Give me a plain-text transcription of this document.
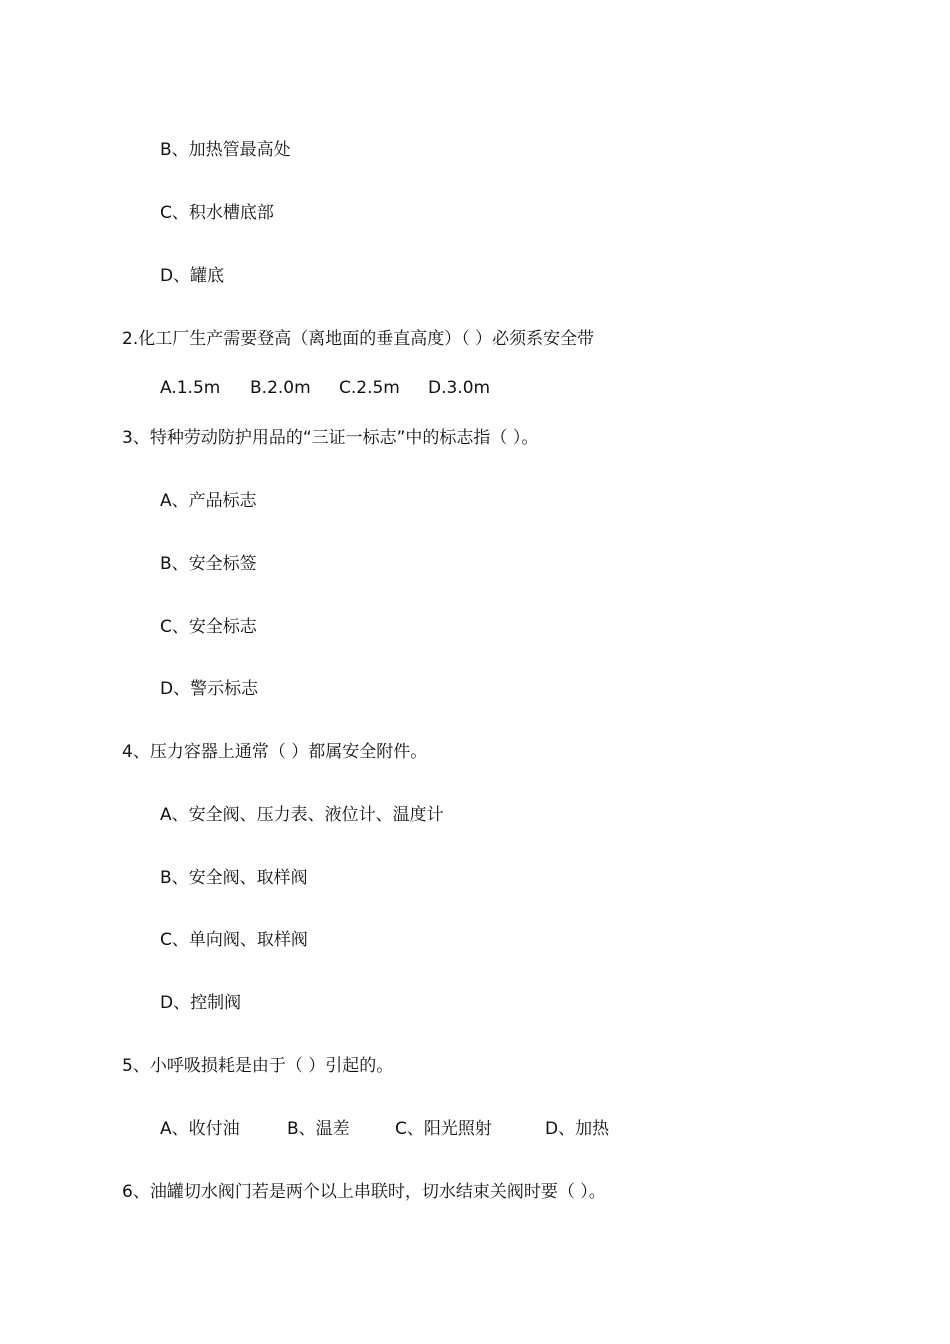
B、加热管最高处
C、积水槽底部
D、罐底
2.化工厂生产需要登高（离地面的垂直高度）（ ）必须系安全带
A.1.5m B.2.0m C.2.5m D.3.0m
3、特种劳动防护用品的“三证一标志”中的标志指（ ）。
A、产品标志
B、安全标签
C、安全标志
D、警示标志
4、压力容器上通常（ ）都属安全附件。
A、安全阀、压力表、液位计、温度计
B、安全阀、取样阀
C、单向阀、取样阀
D、控制阀
5、小呼吸损耗是由于（ ）引起的。
A、收付油	B、温差	C、阳光照射	D、加热
6、油罐切水阀门若是两个以上串联时，切水结束关阀时要（ ）。
